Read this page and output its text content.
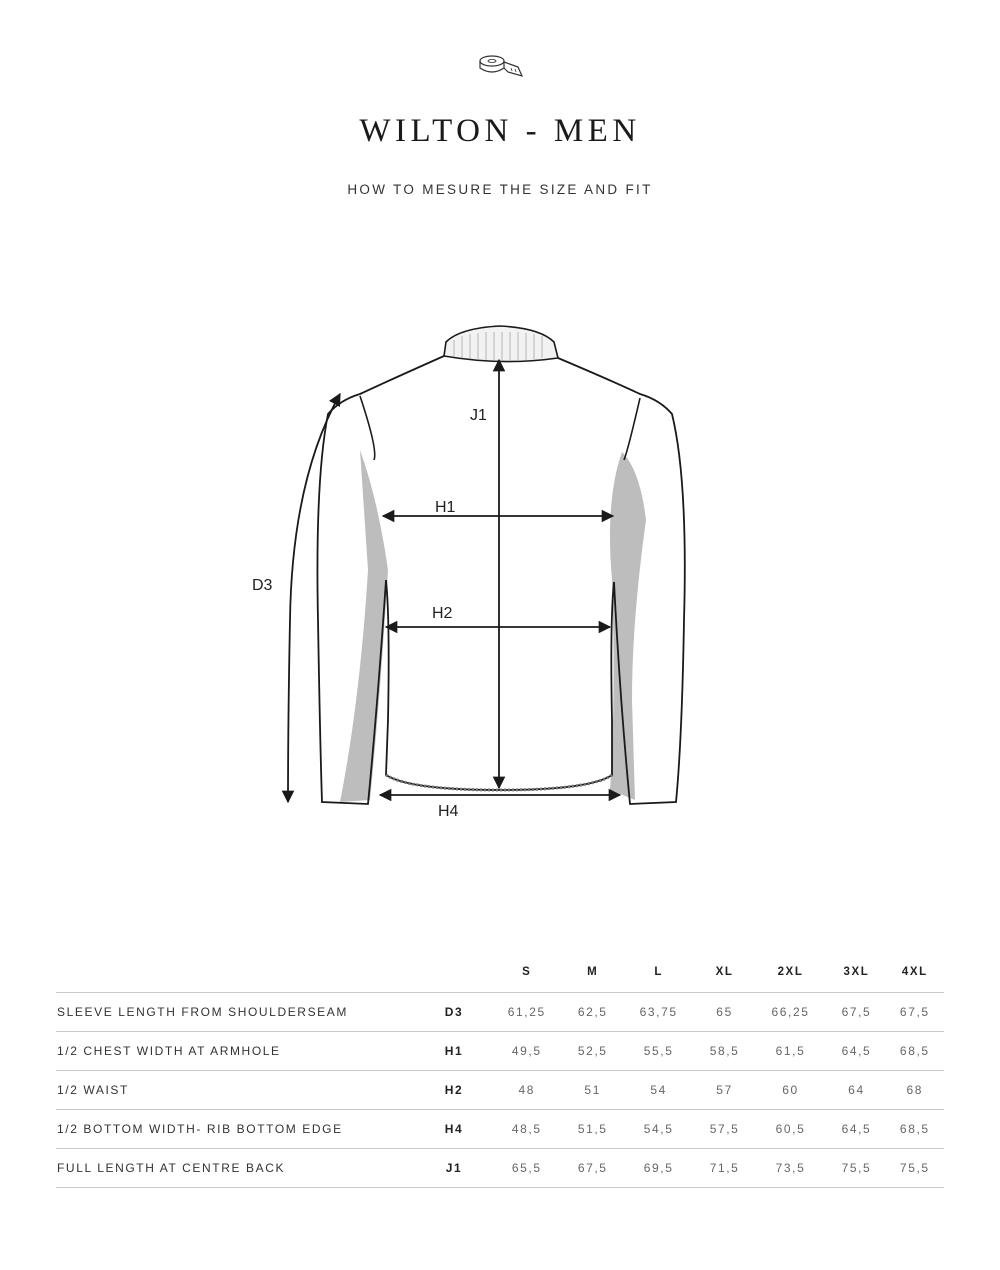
WILTON - MEN
HOW TO MESURE THE SIZE AND FIT
J1
H1
H2
D3
H4
		S	M	L	XL	2XL	3XL	4XL
SLEEVE LENGTH FROM SHOULDERSEAM	D3	61,25	62,5	63,75	65	66,25	67,5	67,5
1/2 CHEST WIDTH AT ARMHOLE	H1	49,5	52,5	55,5	58,5	61,5	64,5	68,5
1/2 WAIST	H2	48	51	54	57	60	64	68
1/2 BOTTOM WIDTH- RIB BOTTOM EDGE	H4	48,5	51,5	54,5	57,5	60,5	64,5	68,5
FULL LENGTH AT CENTRE BACK	J1	65,5	67,5	69,5	71,5	73,5	75,5	75,5
